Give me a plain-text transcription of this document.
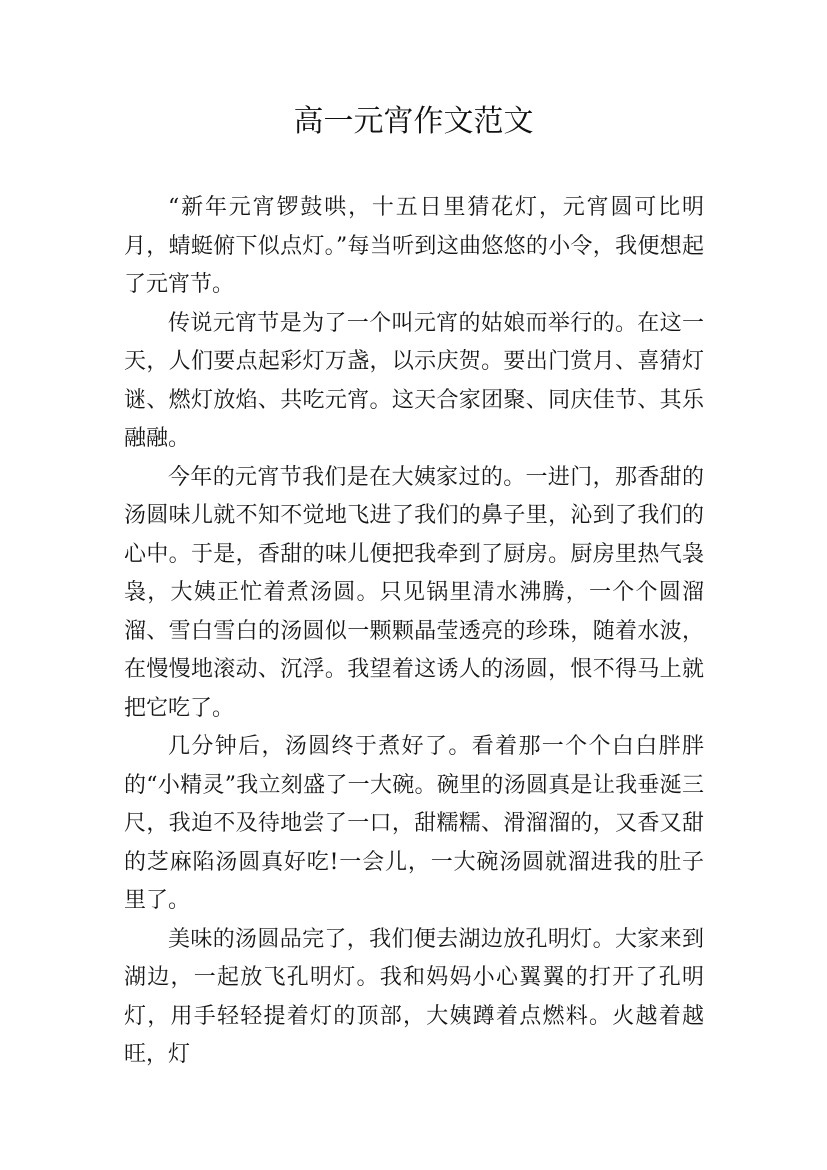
高一元宵作文范文

“新年元宵锣鼓哄，十五日里猜花灯，元宵圆可比明月，蜻蜓俯下似点灯。”每当听到这曲悠悠的小令，我便想起了元宵节。

传说元宵节是为了一个叫元宵的姑娘而举行的。在这一天，人们要点起彩灯万盏，以示庆贺。要出门赏月、喜猜灯谜、燃灯放焰、共吃元宵。这天合家团聚、同庆佳节、其乐融融。

今年的元宵节我们是在大姨家过的。一进门，那香甜的汤圆味儿就不知不觉地飞进了我们的鼻子里，沁到了我们的心中。于是，香甜的味儿便把我牵到了厨房。厨房里热气袅袅，大姨正忙着煮汤圆。只见锅里清水沸腾，一个个圆溜溜、雪白雪白的汤圆似一颗颗晶莹透亮的珍珠，随着水波，在慢慢地滚动、沉浮。我望着这诱人的汤圆，恨不得马上就把它吃了。

几分钟后，汤圆终于煮好了。看着那一个个白白胖胖的“小精灵”我立刻盛了一大碗。碗里的汤圆真是让我垂涎三尺，我迫不及待地尝了一口，甜糯糯、滑溜溜的，又香又甜的芝麻陷汤圆真好吃!一会儿，一大碗汤圆就溜进我的肚子里了。

美味的汤圆品完了，我们便去湖边放孔明灯。大家来到湖边，一起放飞孔明灯。我和妈妈小心翼翼的打开了孔明灯，用手轻轻提着灯的顶部，大姨蹲着点燃料。火越着越旺，灯
